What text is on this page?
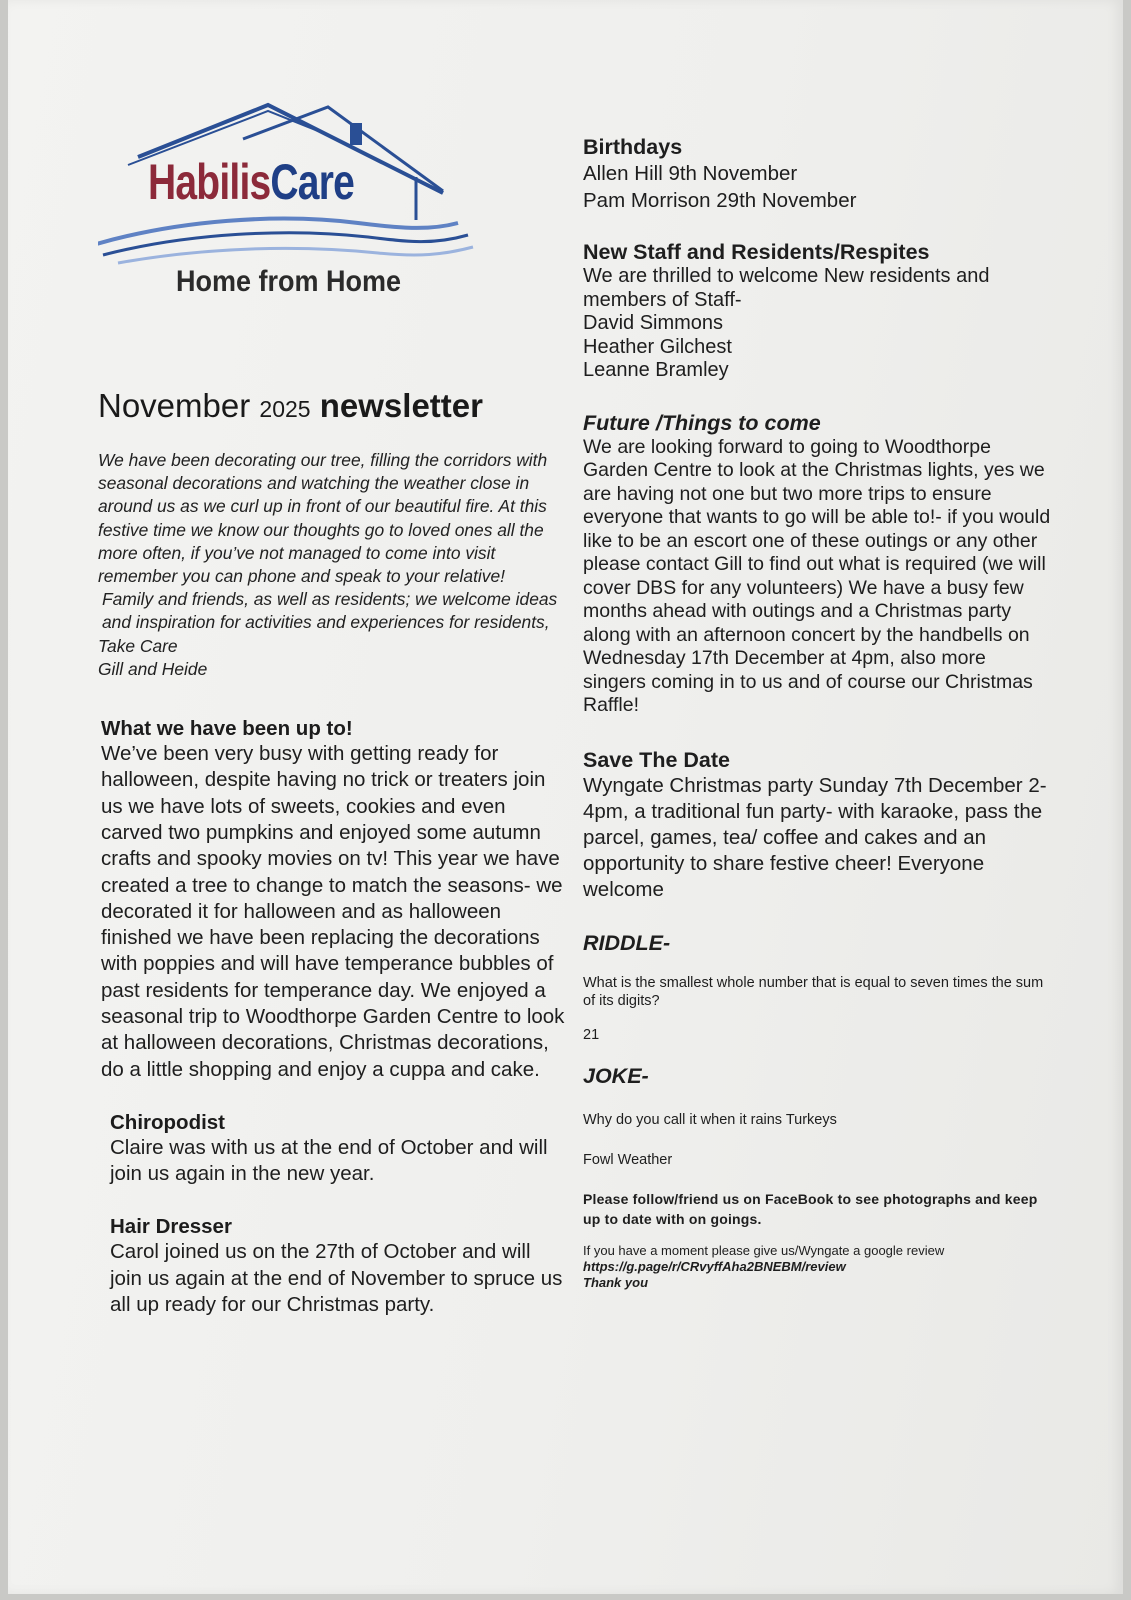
HabilisCare
Home from Home
November 2025 newsletter

We have been decorating our tree, filling the corridors with seasonal decorations and watching the weather close in around us as we curl up in front of our beautiful fire. At this festive time we know our thoughts go to loved ones all the more often, if you’ve not managed to come into visit remember you can phone and speak to your relative!

Family and friends, as well as residents; we welcome ideas and inspiration for activities and experiences for residents,

Take Care

Gill and Heide

What we have been up to!

We’ve been very busy with getting ready for halloween, despite having no trick or treaters join us we have lots of sweets, cookies and even carved two pumpkins and enjoyed some autumn crafts and spooky movies on tv! This year we have created a tree to change to match the seasons- we decorated it for halloween and as halloween finished we have been replacing the decorations with poppies and will have temperance bubbles of past residents for temperance day. We enjoyed a seasonal trip to Woodthorpe Garden Centre to look at halloween decorations, Christmas decorations, do a little shopping and enjoy a cuppa and cake.

Chiropodist

Claire was with us at the end of October and will join us again in the new year.

Hair Dresser

Carol joined us on the 27th of October and will join us again at the end of November to spruce us all up ready for our Christmas party.

Birthdays

Allen Hill 9th November

Pam Morrison 29th November

New Staff and Residents/Respites

We are thrilled to welcome New residents and members of Staff-

David Simmons

Heather Gilchest

Leanne Bramley

Future /Things to come

We are looking forward to going to Woodthorpe Garden Centre to look at the Christmas lights, yes we are having not one but two more trips to ensure everyone that wants to go will be able to!- if you would like to be an escort one of these outings or any other please contact Gill to find out what is required (we will cover DBS for any volunteers) We have a busy few months ahead with outings and a Christmas party along with an afternoon concert by the handbells on Wednesday 17th December at 4pm, also more singers coming in to us and of course our Christmas Raffle!

Save The Date

Wyngate Christmas party Sunday 7th December 2-4pm, a traditional fun party- with karaoke, pass the parcel, games, tea/ coffee and cakes and an opportunity to share festive cheer! Everyone welcome

RIDDLE-

What is the smallest whole number that is equal to seven times the sum of its digits?

21

JOKE-

Why do you call it when it rains Turkeys

Fowl Weather

Please follow/friend us on FaceBook to see photographs and keep up to date with on goings.

If you have a moment please give us/Wyngate a google review

https://g.page/r/CRvyffAha2BNEBM/review

Thank you
